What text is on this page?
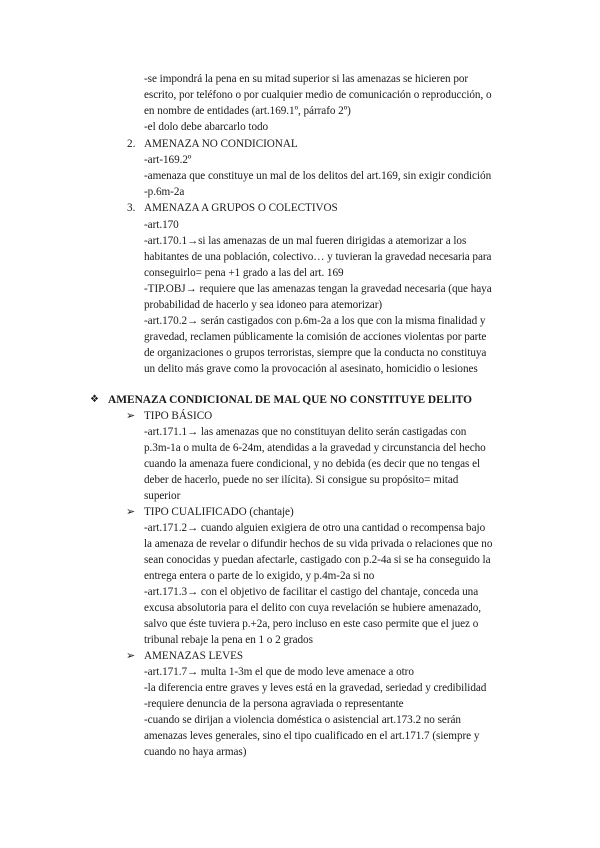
-se impondrá la pena en su mitad superior si las amenazas se hicieren por
escrito, por teléfono o por cualquier medio de comunicación o reproducción, o
en nombre de entidades (art.169.1º, párrafo 2º)
-el dolo debe abarcarlo todo
2. AMENAZA NO CONDICIONAL
-art-169.2º
-amenaza que constituye un mal de los delitos del art.169, sin exigir condición
-p.6m-2a
3. AMENAZA A GRUPOS O COLECTIVOS
-art.170
-art.170.1→si las amenazas de un mal fueren dirigidas a atemorizar a los
habitantes de una población, colectivo… y tuvieran la gravedad necesaria para
conseguirlo= pena +1 grado a las del art. 169
-TIP.OBJ→ requiere que las amenazas tengan la gravedad necesaria (que haya
probabilidad de hacerlo y sea idoneo para atemorizar)
-art.170.2→ serán castigados con p.6m-2a a los que con la misma finalidad y
gravedad, reclamen públicamente la comisión de acciones violentas por parte
de organizaciones o grupos terroristas, siempre que la conducta no constituya
un delito más grave como la provocación al asesinato, homicidio o lesiones
❖ AMENAZA CONDICIONAL DE MAL QUE NO CONSTITUYE DELITO
➢ TIPO BÁSICO
-art.171.1→ las amenazas que no constituyan delito serán castigadas con
p.3m-1a o multa de 6-24m, atendidas a la gravedad y circunstancia del hecho
cuando la amenaza fuere condicional, y no debida (es decir que no tengas el
deber de hacerlo, puede no ser ilícita). Si consigue su propósito= mitad
superior
➢ TIPO CUALIFICADO (chantaje)
-art.171.2→ cuando alguien exigiera de otro una cantidad o recompensa bajo
la amenaza de revelar o difundir hechos de su vida privada o relaciones que no
sean conocidas y puedan afectarle, castigado con p.2-4a si se ha conseguido la
entrega entera o parte de lo exigido, y p.4m-2a si no
-art.171.3→ con el objetivo de facilitar el castigo del chantaje, conceda una
excusa absolutoria para el delito con cuya revelación se hubiere amenazado,
salvo que éste tuviera p.+2a, pero incluso en este caso permite que el juez o
tribunal rebaje la pena en 1 o 2 grados
➢ AMENAZAS LEVES
-art.171.7→ multa 1-3m el que de modo leve amenace a otro
-la diferencia entre graves y leves está en la gravedad, seriedad y credibilidad
-requiere denuncia de la persona agraviada o representante
-cuando se dirijan a violencia doméstica o asistencial art.173.2 no serán
amenazas leves generales, sino el tipo cualificado en el art.171.7 (siempre y
cuando no haya armas)
